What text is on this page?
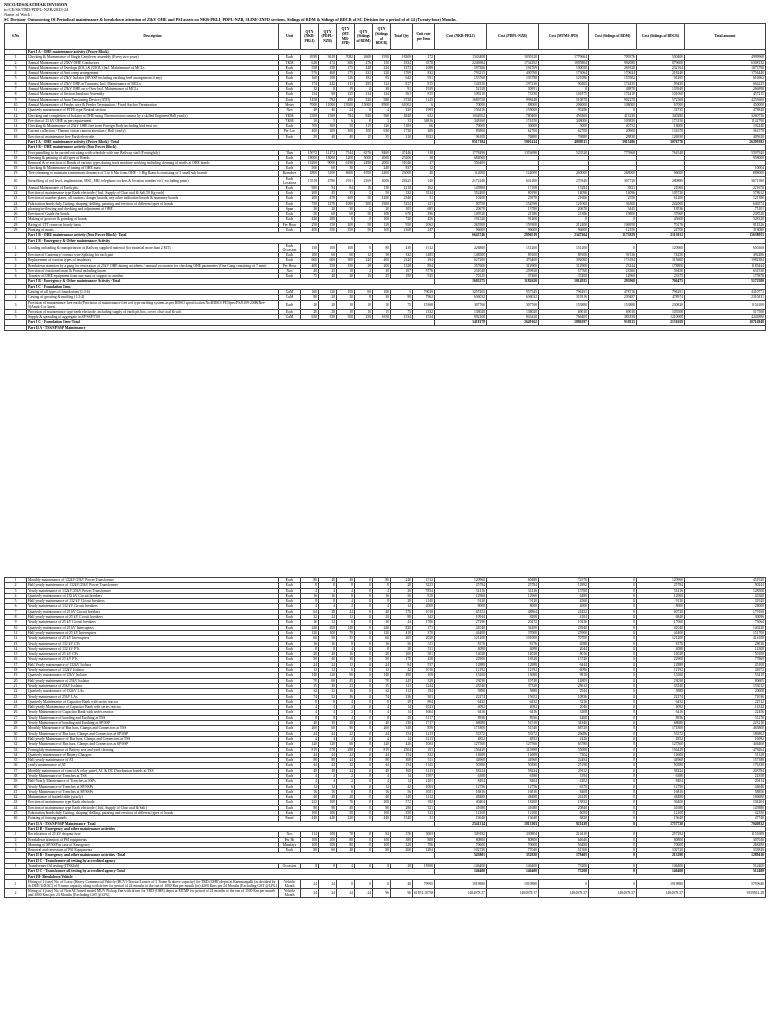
NICO/IDS/KATIHAR DIVISION
to:CE/SS/TRD/PDPL-NZB/2023-24
Name of Work :
SC Division- Outsourcing Of Periodical maintenance & breakdown attention of 25kV OHE and PSI assets on NKB-PRLI, PDPL-NZB, 3LINE-2NFD sections, Sidings of RDM & Sidings of BDCR of SC Division for a period of of 24 (Twenty-four) Months.
S.No	Description	Unit	QTY (NKB-PRLI)	QTY (PDPL-NZB)	QTY (MT MR-JPD)	QTY (Sidings of RDM)	QTY (Sidings of BDCR)	Total Qty	Unit rate per Item	Cost (NKB-PRLI)	Cost (PDPL-NZB)	Cost (MTMI-JPD)	Cost (Sidings of RDM)	Cost (Sidings of BDCR)	Total amount
	Part I A - OHE maintenance activity (Power Block)														
1	Checking & Maintenance of Single Cantilever assembly (Every two years)	Each	4939	3618	7082	2608	1950	18309	272	1343408	1039120	1779664	709376	530400	4999968
2	Annual Maintenance of 25KV OHE Conductors	TKM	628	474	306	276	150	1834	3578	2246984	1734292	1095804	992088	879600	6308132
3	Annual Maintenance of Overlaps (IOL) & (UIOL) Incl. Maintenance of MCLs	Each	558	358	175	248	234	1573	1088	597306	194709	190050	269328	232164	1873790
4	Annual Maintenance of Anti creep arrangement	Each	576	468	175	232	220	1769	832	793215	400768	173064	170624	218240	1756440
5	Annual Maintenance of 25kV Isolator (SP/SSP including earthing heel arrangement if any)	Each	160	108	126	182	95	642	951	153760	103788	121086	155502	91295	616962
6	Annual Maintenance of 25kV OHE at Turnouts, Incl. Maintenance of MCLs	Each	174	242	111	295	122	817	815	141810	197230	90465	174435	99430	664225
7	Annual Maintenance of 25kV OHE on x-Over Incl. Maintenance of MCLs	Each	32	8	19	0	30	91	1929	52128	30951	0	48870	133949	266898
8	Annual Maintenance of Section Insulator Assembly	Each	134	90	125	214	124	561	815	109210	73350	101875	174410	101060	457215
9	Annual Maintenance of Auto Tensioning Device (ATD)	Each	1458	782	490	520	588	3728	1145	1669720	998448	510870	902270	572568	4253660
10	Annual Maintenance of Feeder wire & Feeder Termination / Fixed Anchor Termination	Meter	7000	11000	19500	15000	8500	61002	6	70000	88000	206000	108000	67000	450000
11	Quarterly maintenance of PTFE type Neutral section	Nos	48	40	24	8	4	120	1993	156416	159000	95286	0	31735	478840
12	Checking and completion of Isolator at OHE using Thermovision camera by a skilled Engineer(Half yearly)	TKM	1500	1568	784	840	568	4848	632	1044952	780400	456360	413230	340280	3260756
13	Erection of 25 kV OHE as per requirement	TKM	10	5	6	8	3	33	34816	348160	174150	348000	105850	173150	1142790
14	Checking & Maintenance of 25kV OHE free from Foreign Body including bird nest etc.	Each	700	300	50	115	120	1100	66	70000	30000	5000	40752	18600	192440
15	Current collection / Thermo vision camera attention ( Half yearly)	Per Loc	400	300	300	100	630	1730	289	83800	62700	62700	20900	131670	361570
16	Erection of maintenance free Earth electrode	Each	50	40	40	15	35	210	1922	96100	76880	76880	28830	126930	405620
	Part I A - OHE maintenance activity (Power Block) -Total									8517184	5901414	4888511	3915496	3076776	26299382
	Part I B - OHE maintenance activity (Non Power Block)														
17	Foot patrolling to be carried out along with schedule with one Railway staff (Fortnightly)	Tkm	15072	11472	7344	6576	8460	47446	118	1778496	1353696	523520	775968	764548	5597920
18	Dressing & painting of all types of Bonds	Each	18000	18000	1200	5000	2000	25206	38	684000					958000
16	Removal & re erection of Bonds of various types during track machine working including cleaning of muffs at OHE bonds	Each	13200	9000	6198	2498	2000	31046	27	356400					
18	Checking & Maintenance of tuning of OHE mast	Each	500	60	30	2	248	837	12						10004
19	Tree trimming to maintain a minimum clearance of 5 to 6 Mtr from OHE - 1 Big Branch consisting of 5 small sub branch	Branches	2800	3100	8600	6700	2400	23000	40	112000	124000	260000	268000	96000	888000
20	Stencilling of rail level, implantation, MSL, EBL telephone sockets & location number etc ( excluding paint)	Each Location	15518	4780	1931	2169	2006	28225	140	2172240	641200	270340	307720	280880	3671580
21	Annual Maintenance of Earth pits	Each	900	94	84	18	130	1218	162	145800	17108	15284	3821	21060	221676
22	Erection of maintenance type Earth electrode ( Incl. Supply of Char coal & Salt 50 Kg each)	Each	200	45	35	5	50	332	3524	352400	80190	14096	14096	105720	578612
23	Erection of number plates, all caution / danger boards, any other indication boards & stummey boards	Each	200	478	400	50	1200	2340	51	10200	23970	21666	2550	61200	121380
24	Fabrication bonds duly Cutting, shaping/ drilling, painting and erection of different types of bonds	Each	750	1278	1000	300	1900	5254	121	90750	154598	121000	36300	242000	646574
25	plowing/re-flewing and checking and adjustment of OHE	Span	30	20	30	5	20	105	685	20670	13780	20670	3445	18536	75101
26	Erection of Guide for bonds	Each	50	60	60	50	100	670	396	149520	21386	21386	19800	37660	238520
27	Making of grooves & grinding of bonds	Each	420	280	0	0	100	720	456	191520	91200	0	0	45600	328320
28	Biring of 1TT crane on hourly basis	Per Hour	250	150	200	50	120	950	1062	265500	159300	212400	106950	70176	814326
29	Planting of masts	Each	400	350	350	50	100	2168	247	96600	96600	96600	12350	24700	318080
	Part I B - OHE maintenance activity (Non Power Block)- Total									6643746	2996519	2347264	1173929	2113012	15638055
	Part I B - Emergency & Other maintenance Activity														
1	Loading unloading & transportation of Railway supplied material (for material more than 2 MT)	Each Occasion	150	100	100	0	80	430	1512	226800	151200	151200	0	120960	650160
2	Erection of Cantenary/ contact wire Splicing for each part	Each	100	60	60	12	50	332	1485	148500	89100	89100	91536	74250	492486
3	Replacement of various types of insulators	Each	600	600	500	220	400	2320	294	627200	476400	392000	173184	313600	1982384
4	Breakdown attention by a gang for restoration of 25kV OHE during accidents / unusual occurance for checking OHE parameters (One Gang consisting of 7 men)	Per Hour	400	350	350	28	200	1328	894	357600	312900	312900	23244	178800	1185444
5	Erection of fractioned mast & Portal including boom	Nos	40	45	10	2	10	107	5776	231040	259920	57760	23360	59450	631530
6	Transfer of OHE equipment from one mast or support to another	Each	75	40	40	16	25	190	935	70125	37400	37400	14960	23375	175876
	Part I B - Emergency & Other maintenance Activity -Total									1603275	1182620	1014925	293968	766475	5172580
	Part I C - Foundation Item														
1	Casting of all types of foundations (1:3:6)	CuM	160	120	100	60	100	5	79029	1257265	957545	796291	478716	796291	4310771
2	Casting of grouting & muffing (1:2:4)	CuM	80	20	20	8	30	90	7962	636032	636032	319316	239487	478974	2310431
3	Provision of maintenance free earth (Provision of maintenance free rod type earthing system as per RDSO specification No:RDSO/ PE/Spec/PS/0109-2008(Rev-0)Amdt-1 or latest	Each	20	20	10	10	10	75	15368	307760	307760	153880	153880	230820	1154100
4	Provision of maintenance type earth electrode, including supply of earth pit box, cover, char coal & salt	Each	20	20	10	10	15	75	1332	138020	138020	69010	69010	103508	517568
5	Supply & spreading of aggregate in SP/SSP/TSS	CuM	650	550	500	250	1650	1534	1534	992100	843420	766400	383350	1210000	4244880
	Part I C - Foundation Item-Total									3418178	2649162	1886397	918115	2131659	10714848
	Part II A - TSS/SP/SSP Maintenance														
1	Monthly maintenance of 132kV/25kV Power Transformer	Each	80	40	48	0	80	240	1512	120960	60480	72576	0	120960	451920
2	Half yearly maintenance of 132kV/25kV Power Transformer	Each	8	8	8	0	8	28	3223	25784	25784	12892	0	25784	90244
3	Yearly maintenance of 132kV/25kV Power Transformer	Each	4	4	4	0	4	20	7854	31416	31416	15708	0	31416	128508
4	Quarterly maintenance of 132 kV Circuit breakers	Each	16	16	8	0	16	56	810	12960	12960	6480	0	12960	45360
5	Half yearly maintenance of 132 kV Circuit breakers	Each	8	8	4	0	8	28	1140	9120	9120	4560	0	9120	31920
6	Yearly maintenance of 132 kV Circuit breakers	Each	4	4	2	0	4	14	2000	8000	8000	4000	0	8000	28000
7	Quarterly maintenance of 25 kV Circuit breakers	Each	64	48	24	0	40	176	1018	65152	48864	24432	0	40720	179168
8	Half yearly maintenance of 25 kV Circuit breakers	Each	32	24	12	0	20	88	342	10944	8208	4104	0	6840	30096
9	Yearly maintenance of 25 kV Circuit breakers	Each	16	12	6	0	10	44	1706	27296	20472	10236	0	17060	75064
10	Quarterly maintenance of 25 kV Interrupters	Each	240	200	140	0	240	820	171	41040	34200	23940	0	41040	140220
11	Half yearly maintenance of 25 kV Interrupters	Each	120	100	70	0	120	410	370	44400	37000	25900	0	44400	151700
12	Yearly maintenance of 25 kV Interrupters	Each	60	50	35	0	60	205	2020	121200	101000	70700	0	121200	414100
13	Yearly maintenance of 132 kV CTs	Each	16	16	8	0	16	56	511	8176	8176	4088	0	8176	28616
14	Yearly maintenance of 132 kV PTs	Each	8	8	4	0	8	28	511	4088	4088	2044	0	4088	14308
15	Yearly maintenance of 25 kV CTs	Each	28	28	16	0	28	100	501	14028	14028	8016	0	14028	50100
16	Yearly maintenance of 25 kV PTs	Each	50	40	30	0	50	170	458	22900	18320	13740	0	22900	77860
17	Half Yearly maintenance of 132kV Isolator	Each	24	24	12	0	24	84	537	12888	12888	6444	0	12888	45108
18	Yearly maintenance of 132kV Isolator	Each	12	12	6	0	12	42	1016	12192	12192	6096	0	12192	42672
19	Quarterly maintenance of 25kV Isolator	Each	140	120	90	0	140	490	109	15260	13080	9810	0	15260	53410
20	Half yearly maintenance of 25kV Isolator	Each	70	60	45	0	70	245	329	23030	19740	14805	0	23030	80605
21	Yearly maintenance of 25kV Isolator	Each	35	30	23	0	35	123	1244	43540	37320	28612	0	43540	153012
22	Quarterly maintenance of 132kV LAs	Each	32	32	16	0	32	112	184	5888	5888	2944	0	5888	20608
23	Yearly maintenance of 25kV LAs	Each	74	52	36	0	74	236	301	22274	15652	10836	0	22274	71036
24	Quarterly Maintenance of Capacitor Bank with series reactor	Each	8	8	4	0	8	28	804	6432	6432	3216	0	6432	22512
25	Half-yearly Maintenance of Capacitor Bank with series reactor	Each	4	4	2	0	4	14	1023	4092	4092	2046	0	4092	14322
26	Yearly Maintenance of Capacitor Bank with series reactor	Each	4	4	2	0	4	14	1604	6416	6416	3208	0	6416	22456
27	Yearly Maintenance of bonding and Earthing at TSS	Each	8	8	4	0	8	28	1117	8936	8936	4468	0	8936	31276
28	Yearly Maintenance of bonding and Earthing at SP/SSP	Each	40	30	20	0	40	130	1717	68680	51510	34340	0	68680	223210
29	Monthly Maintenance of Bus bars, Clamps and Connectors at TSS	Each	200	60	80	0	200	540	859	171800	51540	68720	0	171800	463860
30	Yearly Maintenance of Bus bars, Clamps and Connectors at SP/SSP	Each	44	44	22	0	44	154	1213	53372	53372	26686	0	53372	186802
31	Half yearly Maintenance of Bus bars, Clamps and Connectors at TSS	Each	4	4	2	0	4	14	1213	4852	4852	2426	0	4852	16982
32	Yearly Maintenance of Bus bars, Clamps and Connectors at SP/SSP	Each	120	120	60	0	120	420	1063	127560	127560	63780	0	127560	446460
33	Fortnightly maintenance of Battery sets and yard cleaning	Each	819	578	288	0	819	2504	191	156429	110398	55008	0	156429	478264
34	Quarterly maintenance of Battery Chargers	Each	44	44	22	0	44	154	332	14608	14608	7304	0	14608	51128
35	Half yearly maintenance of AT	Each	88	88	44	0	88	308	511	44968	44968	22484	0	44968	157388
36	yearly maintenance of AT	Each	44	44	22	0	44	154	1145	50380	50380	25190	0	50380	176330
37	Monthly maintenance of control & relay panel, AC & DC Distribution boards at TSS	Each	48	48	24	0	48	168	1213	58224	58224	29112	0	58224	203784
38	Yearly Maintenance of Trenches at TSS	Each	4	4	2	0	4	14	1597	6388	6388	3194	0	6388	22358
39	Half-Yearly Maintenance of Trenches at SSPs	Each	4	4	2	0	4	14	2101	8404	8404	4202	0	8404	29414
40	Yearly Maintenance of Trenches at SP/SSPs	Each	12	12	6	0	12	42	1063	12756	12756	6378	0	12756	44646
41	Yearly Maintenance of Trenches at SP/SSPs	Each	16	16	8	0	16	56	1051	16816	16816	8408	0	16816	58856
42	Maintenance of buried/cable (yearly)	Each	40	40	20	0	40	140	1212	48480	48480	24240	0	48480	169680
43	Erection of maintenance type Earth electrode	Each	222	100	76	0	200	572	182	40404	18200	13832	0	36400	104204
44	Erection of maintenance type Earth electrode ( Incl. Supply of Char coal & Salt)	Each	80	80	40	0	80	280	521	41680	41680	20840	0	41680	145880
45	Fabrication bonds duly Cutting, shaping/ drilling, painting and erection of different types of bonds	Each	100	100	50	0	100	350	121	12100	12100	6050	0	12100	42350
46	Painting of fencing panels	Panel	440	440	220	0	440	1540	31	13640	13640	6820	0	13640	47740
	Part II A - TSS/SP/SSP Maintenance- Total									2541314	1813303	921439	0	1757720	7040832
	Part II B - Emergency and other maintenance activities														
1	Rectification of 25 kV dropout fuse	Nos	114	108	70	0	84	376	3063	349182	330804	214410	0	257292	1151688
2	Breakdown attention of PSI equipments	Per Hr	100	100	80	0	100	380	808	80800	80800	64640	0	80800	307040
3	Manning of SP/SSP in case of Emergency	Mandays	100	100	80	0	100	320	706	70600	70600	56480	0	70600	268280
4	Removal and reerection of PSI Equipments	Each	80	60	40	0	80	260	1284	102720	77040	51360	0	102720	333840
	Part II B - Emergency and other maintenance activities -Total									543801	352920	179405	0	213290	1289416
	Part II C - Transformer oil testing by accredited agency														
1	Transformer Oil testing (ITSS2x6)	Occasion	8	8	4	0	8	28	18300	146400	146400	73200	0	146400	512400
	Part II C - Transformer oil testing by accredited agency-Total									146400	146400	73200	0	146400	512400
	Part III- Breakdown Vehicle														
1	Hiring of 1 (one) No. of Lorry (Heavy Commercial Vehicle (HCV)-Tractor/Lorries of 5 Tonne & above capacity) for TRD (OHE) depot at Kammanpalli (as decided by Sr.DEE/TrD/SC) of 9 tonne capacity along with driver for period of 24 months to the run of 1000 Km per month (or) 4200 Kms per 24 Months [Excluding GST @12%]	Vehicle Month	24	24	0	0	0	48	79995	1919880	1919880	0	0	1919880	5759640
2	Hiring of 1 (one) No. of Non AC based model MUV Pickup Van with driver for TRD (OHE) depot at MTMP for period of 24 months to the run of 1500 Km per month and 3000 Kms per 24 Months [Excluding GST @12%]	Vehicle Month	24	24	24	24	96	96	61874.10738	1484978.57	1484978.57	1484978.57	1484978.57	1484978.57	5939914.28
